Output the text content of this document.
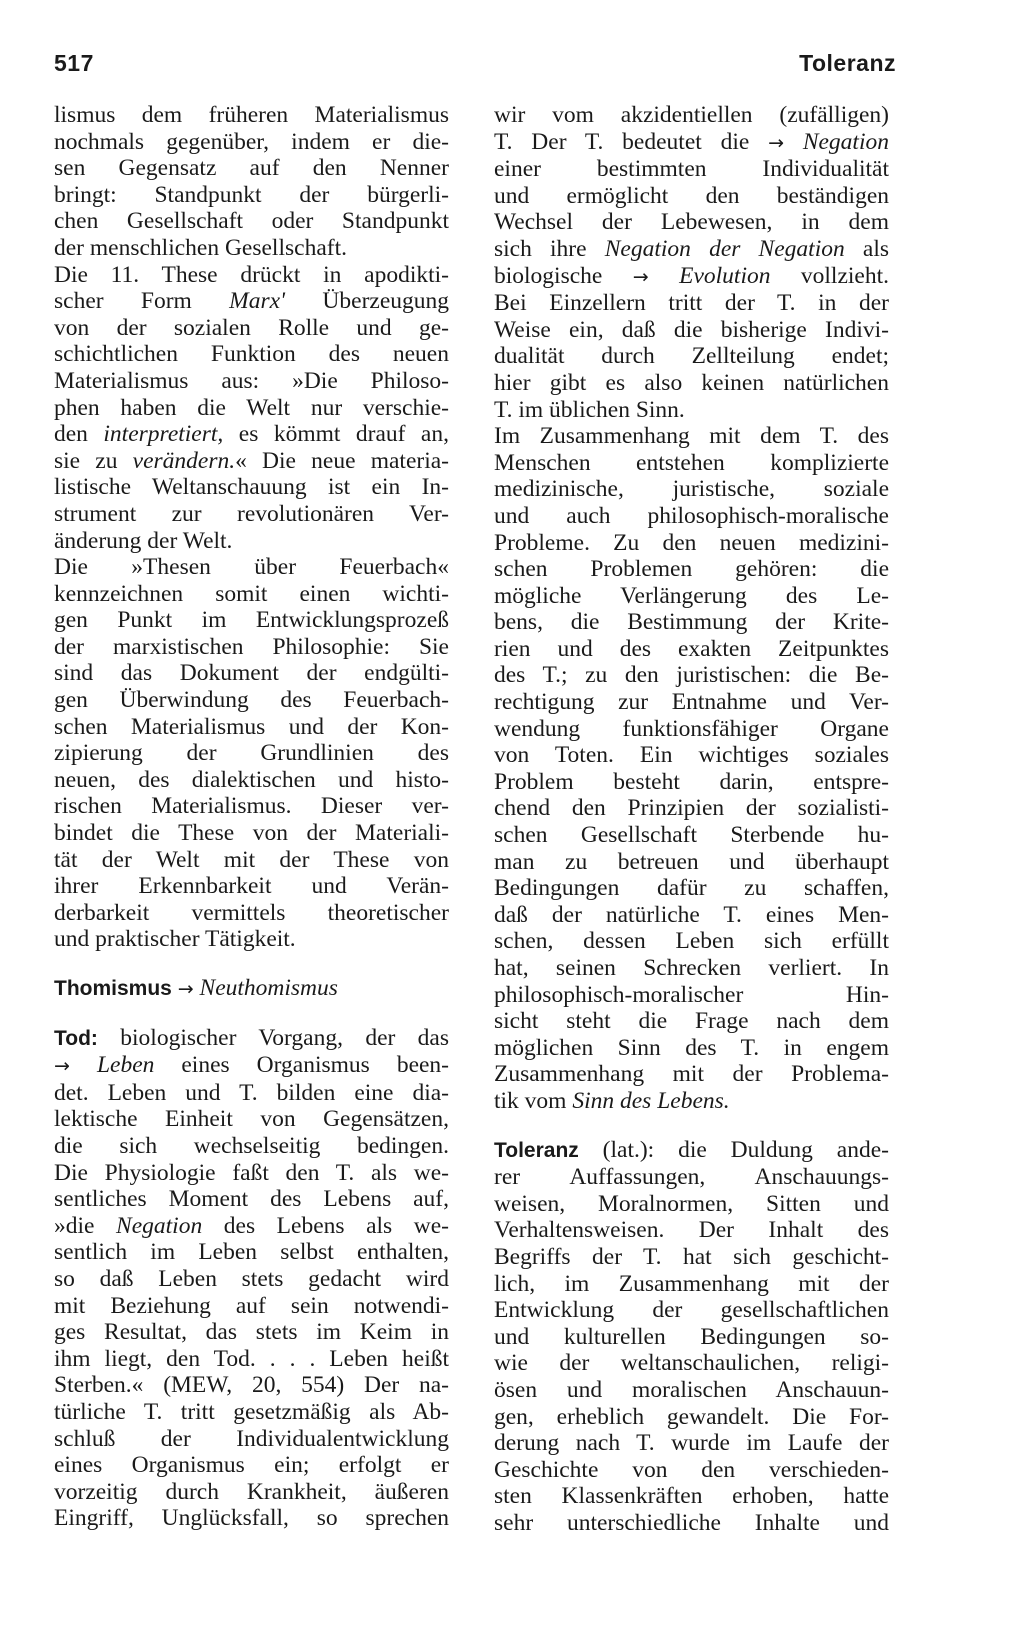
517	Toleranz
lismus dem früheren Materialismus
nochmals gegenüber, indem er die-
sen Gegensatz auf den Nenner
bringt: Standpunkt der bürgerli-
chen Gesellschaft oder Standpunkt
der menschlichen Gesellschaft.
Die 11. These drückt in apodikti-
scher Form Marx' Überzeugung
von der sozialen Rolle und ge-
schichtlichen Funktion des neuen
Materialismus aus: »Die Philoso-
phen haben die Welt nur verschie-
den interpretiert, es kömmt drauf an,
sie zu verändern.« Die neue materia-
listische Weltanschauung ist ein In-
strument zur revolutionären Ver-
änderung der Welt.
Die »Thesen über Feuerbach«
kennzeichnen somit einen wichti-
gen Punkt im Entwicklungsprozeß
der marxistischen Philosophie: Sie
sind das Dokument der endgülti-
gen Überwindung des Feuerbach-
schen Materialismus und der Kon-
zipierung der Grundlinien des
neuen, des dialektischen und histo-
rischen Materialismus. Dieser ver-
bindet die These von der Materiali-
tät der Welt mit der These von
ihrer Erkennbarkeit und Verän-
derbarkeit vermittels theoretischer
und praktischer Tätigkeit.
Thomismus → Neuthomismus
Tod: biologischer Vorgang, der das
→ Leben eines Organismus been-
det. Leben und T. bilden eine dia-
lektische Einheit von Gegensätzen,
die sich wechselseitig bedingen.
Die Physiologie faßt den T. als we-
sentliches Moment des Lebens auf,
»die Negation des Lebens als we-
sentlich im Leben selbst enthalten,
so daß Leben stets gedacht wird
mit Beziehung auf sein notwendi-
ges Resultat, das stets im Keim in
ihm liegt, den Tod. . . . Leben heißt
Sterben.« (MEW, 20, 554) Der na-
türliche T. tritt gesetzmäßig als Ab-
schluß der Individualentwicklung
eines Organismus ein; erfolgt er
vorzeitig durch Krankheit, äußeren
Eingriff, Unglücksfall, so sprechen
wir vom akzidentiellen (zufälligen)
T. Der T. bedeutet die → Negation
einer bestimmten Individualität
und ermöglicht den beständigen
Wechsel der Lebewesen, in dem
sich ihre Negation der Negation als
biologische → Evolution vollzieht.
Bei Einzellern tritt der T. in der
Weise ein, daß die bisherige Indivi-
dualität durch Zellteilung endet;
hier gibt es also keinen natürlichen
T. im üblichen Sinn.
Im Zusammenhang mit dem T. des
Menschen entstehen komplizierte
medizinische, juristische, soziale
und auch philosophisch-moralische
Probleme. Zu den neuen medizini-
schen Problemen gehören: die
mögliche Verlängerung des Le-
bens, die Bestimmung der Krite-
rien und des exakten Zeitpunktes
des T.; zu den juristischen: die Be-
rechtigung zur Entnahme und Ver-
wendung funktionsfähiger Organe
von Toten. Ein wichtiges soziales
Problem besteht darin, entspre-
chend den Prinzipien der sozialisti-
schen Gesellschaft Sterbende hu-
man zu betreuen und überhaupt
Bedingungen dafür zu schaffen,
daß der natürliche T. eines Men-
schen, dessen Leben sich erfüllt
hat, seinen Schrecken verliert. In
philosophisch-moralischer Hin-
sicht steht die Frage nach dem
möglichen Sinn des T. in engem
Zusammenhang mit der Problema-
tik vom Sinn des Lebens.
Toleranz (lat.): die Duldung ande-
rer Auffassungen, Anschauungs-
weisen, Moralnormen, Sitten und
Verhaltensweisen. Der Inhalt des
Begriffs der T. hat sich geschicht-
lich, im Zusammenhang mit der
Entwicklung der gesellschaftlichen
und kulturellen Bedingungen so-
wie der weltanschaulichen, religi-
ösen und moralischen Anschauun-
gen, erheblich gewandelt. Die For-
derung nach T. wurde im Laufe der
Geschichte von den verschieden-
sten Klassenkräften erhoben, hatte
sehr unterschiedliche Inhalte und
